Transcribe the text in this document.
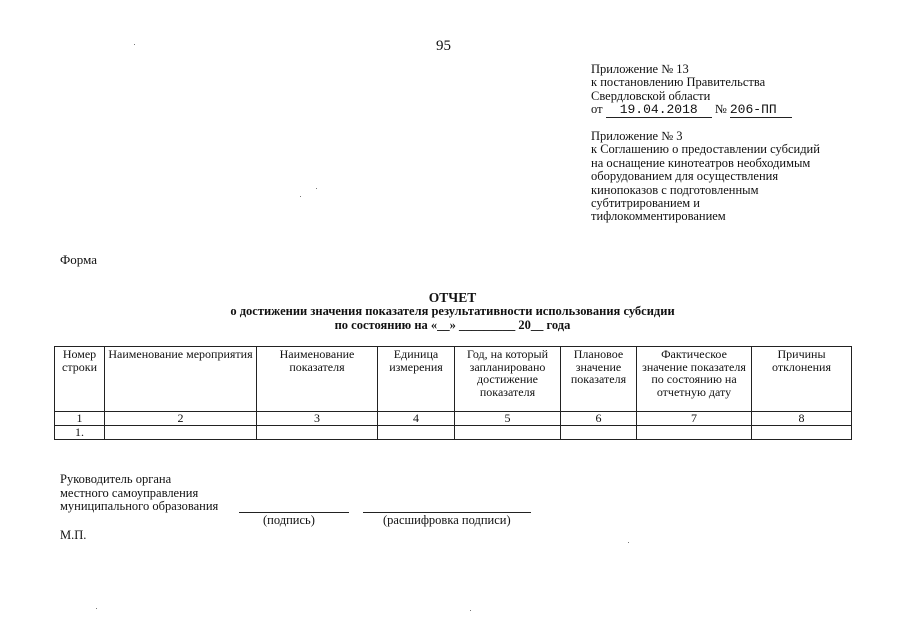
95
Приложение № 13
к постановлению Правительства
Свердловской области
от 19.04.2018 № 206-ПП
Приложение № 3
к Соглашению о предоставлении субсидий
на оснащение кинотеатров необходимым
оборудованием для осуществления
кинопоказов с подготовленным
субтитрированием и
тифлокомментированием
Форма
ОТЧЕТ
о достижении значения показателя результативности использования субсидии
по состоянию на «__» _________ 20__ года
Номер строки	Наименование мероприятия	Наименование показателя	Единица измерения	Год, на который запланировано достижение показателя	Плановое значение показателя	Фактическое значение показателя по состоянию на отчетную дату	Причины отклонения
1	2	3	4	5	6	7	8
1.							
Руководитель органа
местного самоуправления
муниципального образования
(подпись)	(расшифровка подписи)
М.П.
